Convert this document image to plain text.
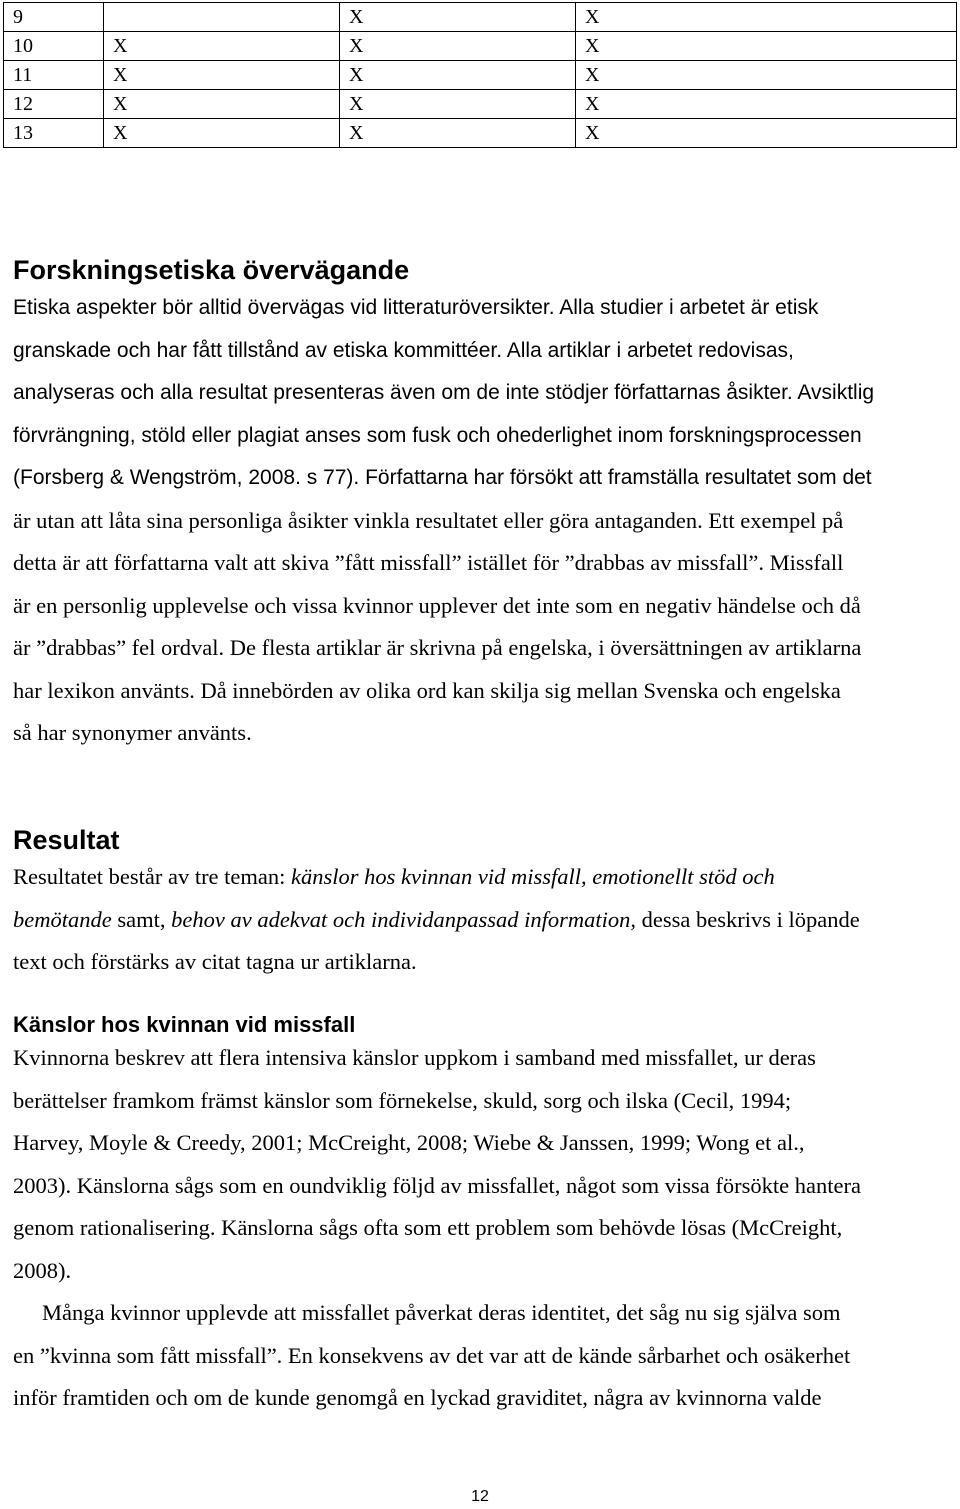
9		X	X
10	X	X	X
11	X	X	X
12	X	X	X
13	X	X	X
Forskningsetiska övervägande
Etiska aspekter bör alltid övervägas vid litteraturöversikter. Alla studier i arbetet är etisk
granskade och har fått tillstånd av etiska kommittéer. Alla artiklar i arbetet redovisas,
analyseras och alla resultat presenteras även om de inte stödjer författarnas åsikter. Avsiktlig
förvrängning, stöld eller plagiat anses som fusk och ohederlighet inom forskningsprocessen
(Forsberg & Wengström, 2008. s 77). Författarna har försökt att framställa resultatet som det
är utan att låta sina personliga åsikter vinkla resultatet eller göra antaganden. Ett exempel på
detta är att författarna valt att skiva ”fått missfall” istället för ”drabbas av missfall”. Missfall
är en personlig upplevelse och vissa kvinnor upplever det inte som en negativ händelse och då
är ”drabbas” fel ordval. De flesta artiklar är skrivna på engelska, i översättningen av artiklarna
har lexikon använts. Då innebörden av olika ord kan skilja sig mellan Svenska och engelska
så har synonymer använts.
Resultat
Resultatet består av tre teman: känslor hos kvinnan vid missfall, emotionellt stöd och
bemötande samt, behov av adekvat och individanpassad information, dessa beskrivs i löpande
text och förstärks av citat tagna ur artiklarna.
Känslor hos kvinnan vid missfall
Kvinnorna beskrev att flera intensiva känslor uppkom i samband med missfallet, ur deras
berättelser framkom främst känslor som förnekelse, skuld, sorg och ilska (Cecil, 1994;
Harvey, Moyle & Creedy, 2001; McCreight, 2008; Wiebe & Janssen, 1999; Wong et al.,
2003). Känslorna sågs som en oundviklig följd av missfallet, något som vissa försökte hantera
genom rationalisering. Känslorna sågs ofta som ett problem som behövde lösas (McCreight,
2008).
Många kvinnor upplevde att missfallet påverkat deras identitet, det såg nu sig själva som
en ”kvinna som fått missfall”. En konsekvens av det var att de kände sårbarhet och osäkerhet
inför framtiden och om de kunde genomgå en lyckad graviditet, några av kvinnorna valde
12
